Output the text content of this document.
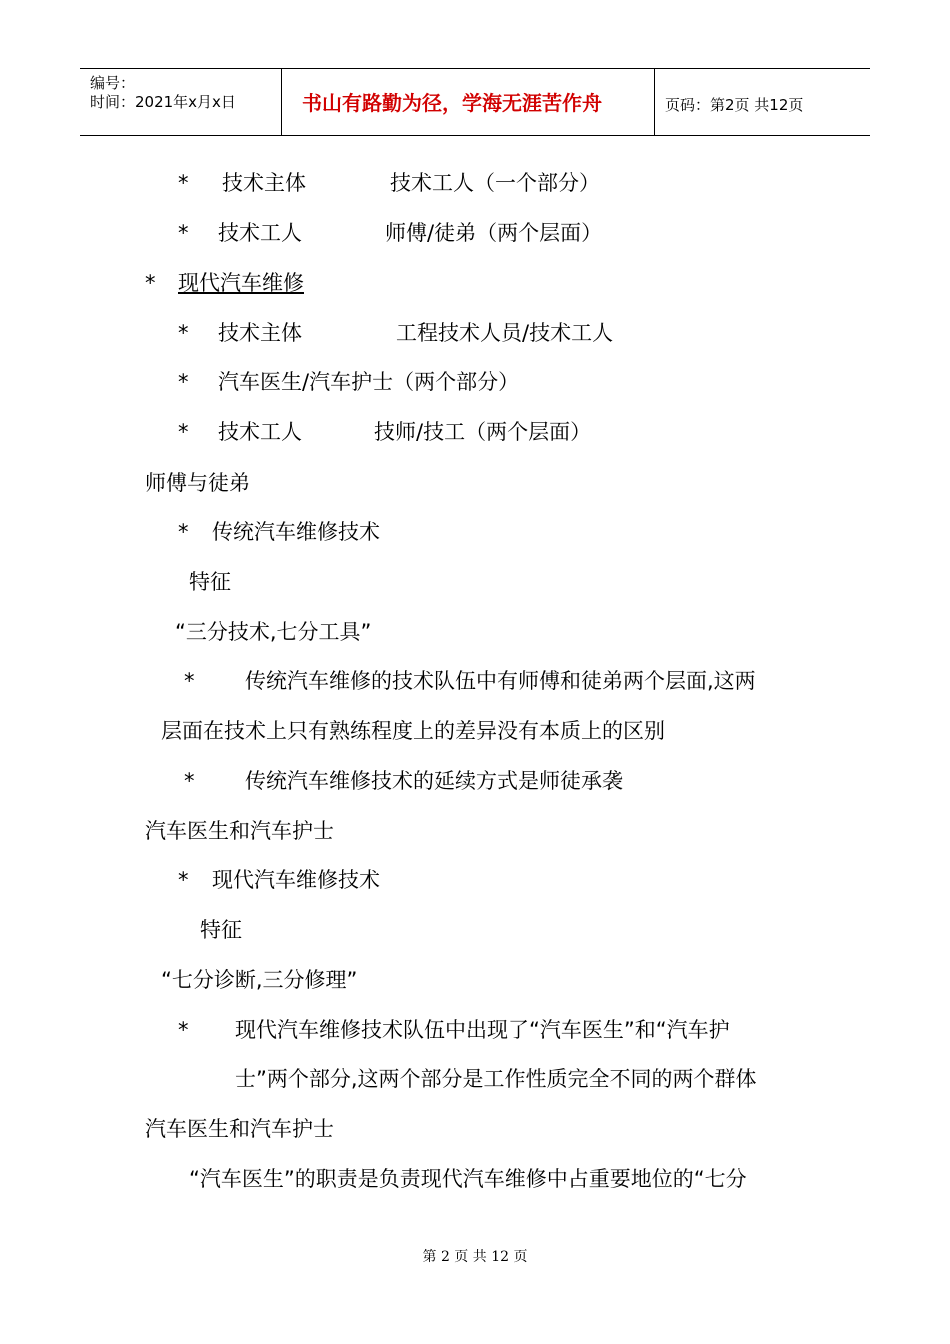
编号：
时间：2021年x月x日	书山有路勤为径，学海无涯苦作舟	页码：第2页 共12页
* 技术主体	技术工人（一个部分）
* 技术工人	师傅/徒弟（两个层面）
* 现代汽车维修
* 技术主体	工程技术人员/技术工人
* 汽车医生/汽车护士（两个部分）
* 技术工人	技师/技工（两个层面）
师傅与徒弟
* 传统汽车维修技术
特征
“三分技术,七分工具”
* 传统汽车维修的技术队伍中有师傅和徒弟两个层面,这两
层面在技术上只有熟练程度上的差异没有本质上的区别
* 传统汽车维修技术的延续方式是师徒承袭
汽车医生和汽车护士
* 现代汽车维修技术
特征
“七分诊断,三分修理”
* 现代汽车维修技术队伍中出现了“汽车医生”和“汽车护
士”两个部分,这两个部分是工作性质完全不同的两个群体
汽车医生和汽车护士
“汽车医生”的职责是负责现代汽车维修中占重要地位的“七分
第 2 页 共 12 页
